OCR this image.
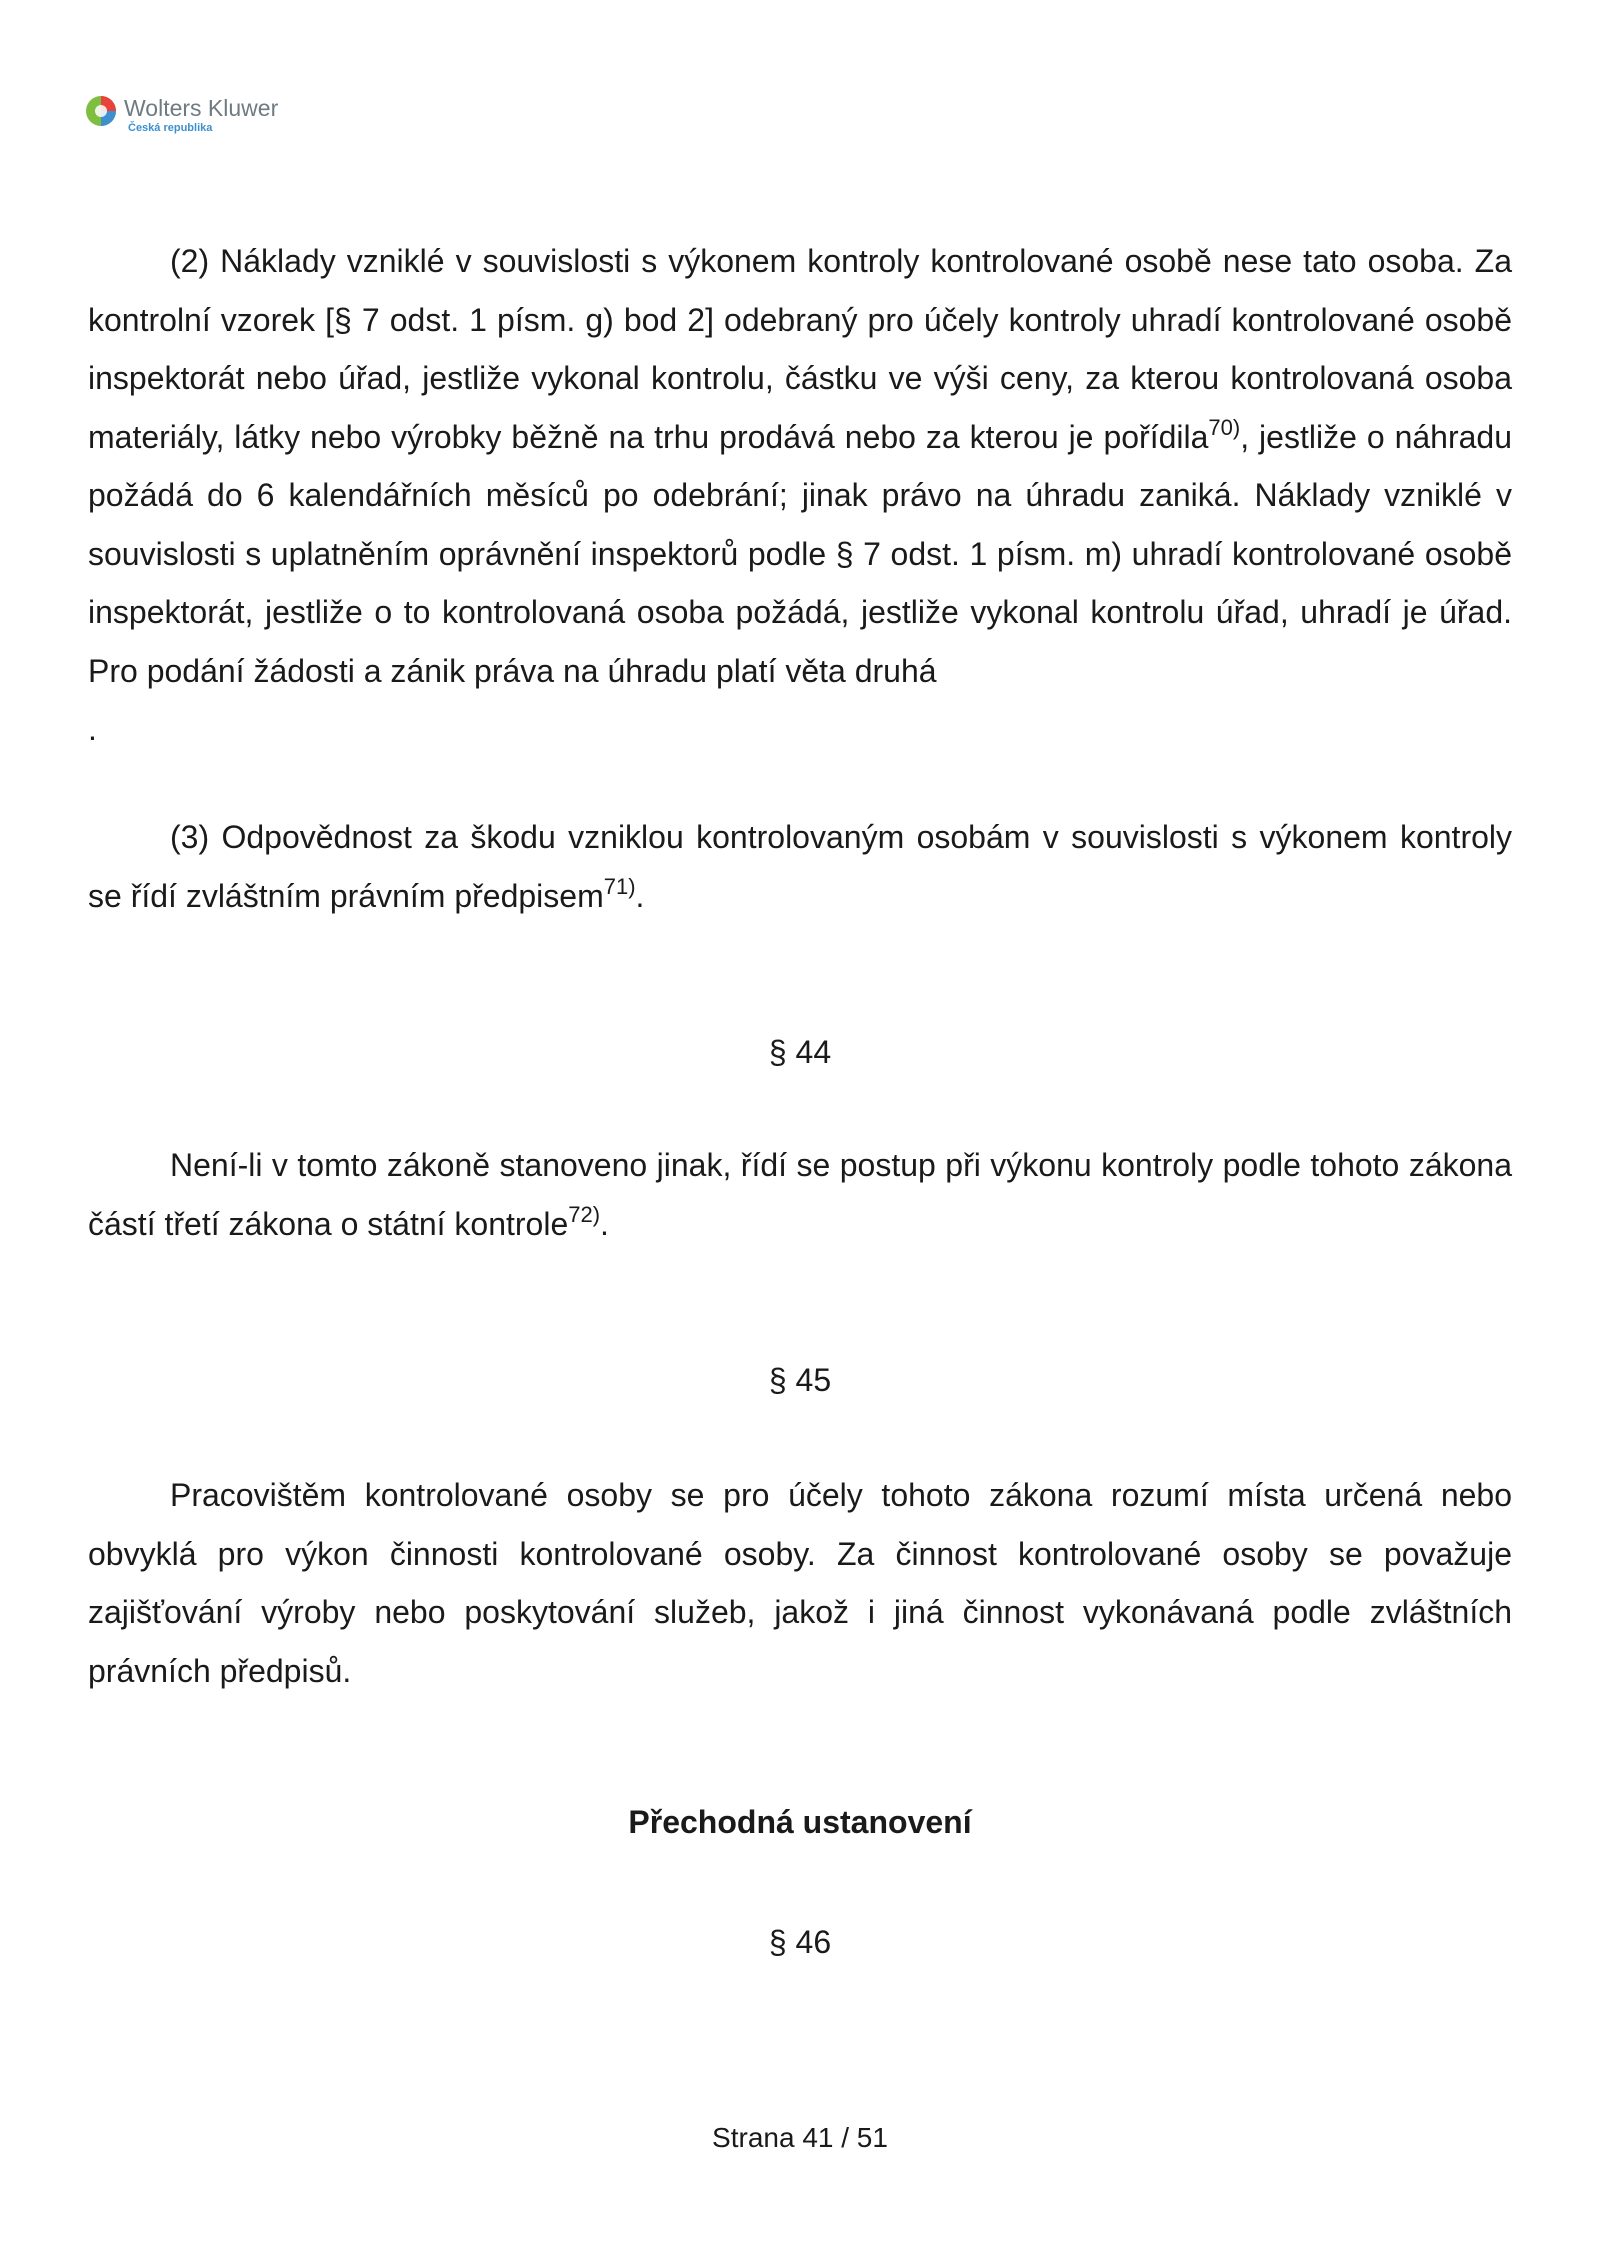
Wolters Kluwer
Česká republika

(2) Náklady vzniklé v souvislosti s výkonem kontroly kontrolované osobě nese tato osoba. Za kontrolní vzorek [§ 7 odst. 1 písm. g) bod 2] odebraný pro účely kontroly uhradí kontrolované osobě inspektorát nebo úřad, jestliže vykonal kontrolu, částku ve výši ceny, za kterou kontrolovaná osoba materiály, látky nebo výrobky běžně na trhu prodává nebo za kterou je pořídila$^{70)}$, jestliže o náhradu požádá do 6 kalendářních měsíců po odebrání; jinak právo na úhradu zaniká. Náklady vzniklé v souvislosti s uplatněním oprávnění inspektorů podle § 7 odst. 1 písm. m) uhradí kontrolované osobě inspektorát, jestliže o to kontrolovaná osoba požádá, jestliže vykonal kontrolu úřad, uhradí je úřad. Pro podání žádosti a zánik práva na úhradu platí věta druhá
.

(3) Odpovědnost za škodu vzniklou kontrolovaným osobám v souvislosti s výkonem kontroly se řídí zvláštním právním předpisem$^{71)}$.

§ 44

Není-li v tomto zákoně stanoveno jinak, řídí se postup při výkonu kontroly podle tohoto zákona částí třetí zákona o státní kontrole$^{72)}$.

§ 45

Pracovištěm kontrolované osoby se pro účely tohoto zákona rozumí místa určená nebo obvyklá pro výkon činnosti kontrolované osoby. Za činnost kontrolované osoby se považuje zajišťování výroby nebo poskytování služeb, jakož i jiná činnost vykonávaná podle zvláštních právních předpisů.

Přechodná ustanovení

§ 46

Strana 41 / 51
